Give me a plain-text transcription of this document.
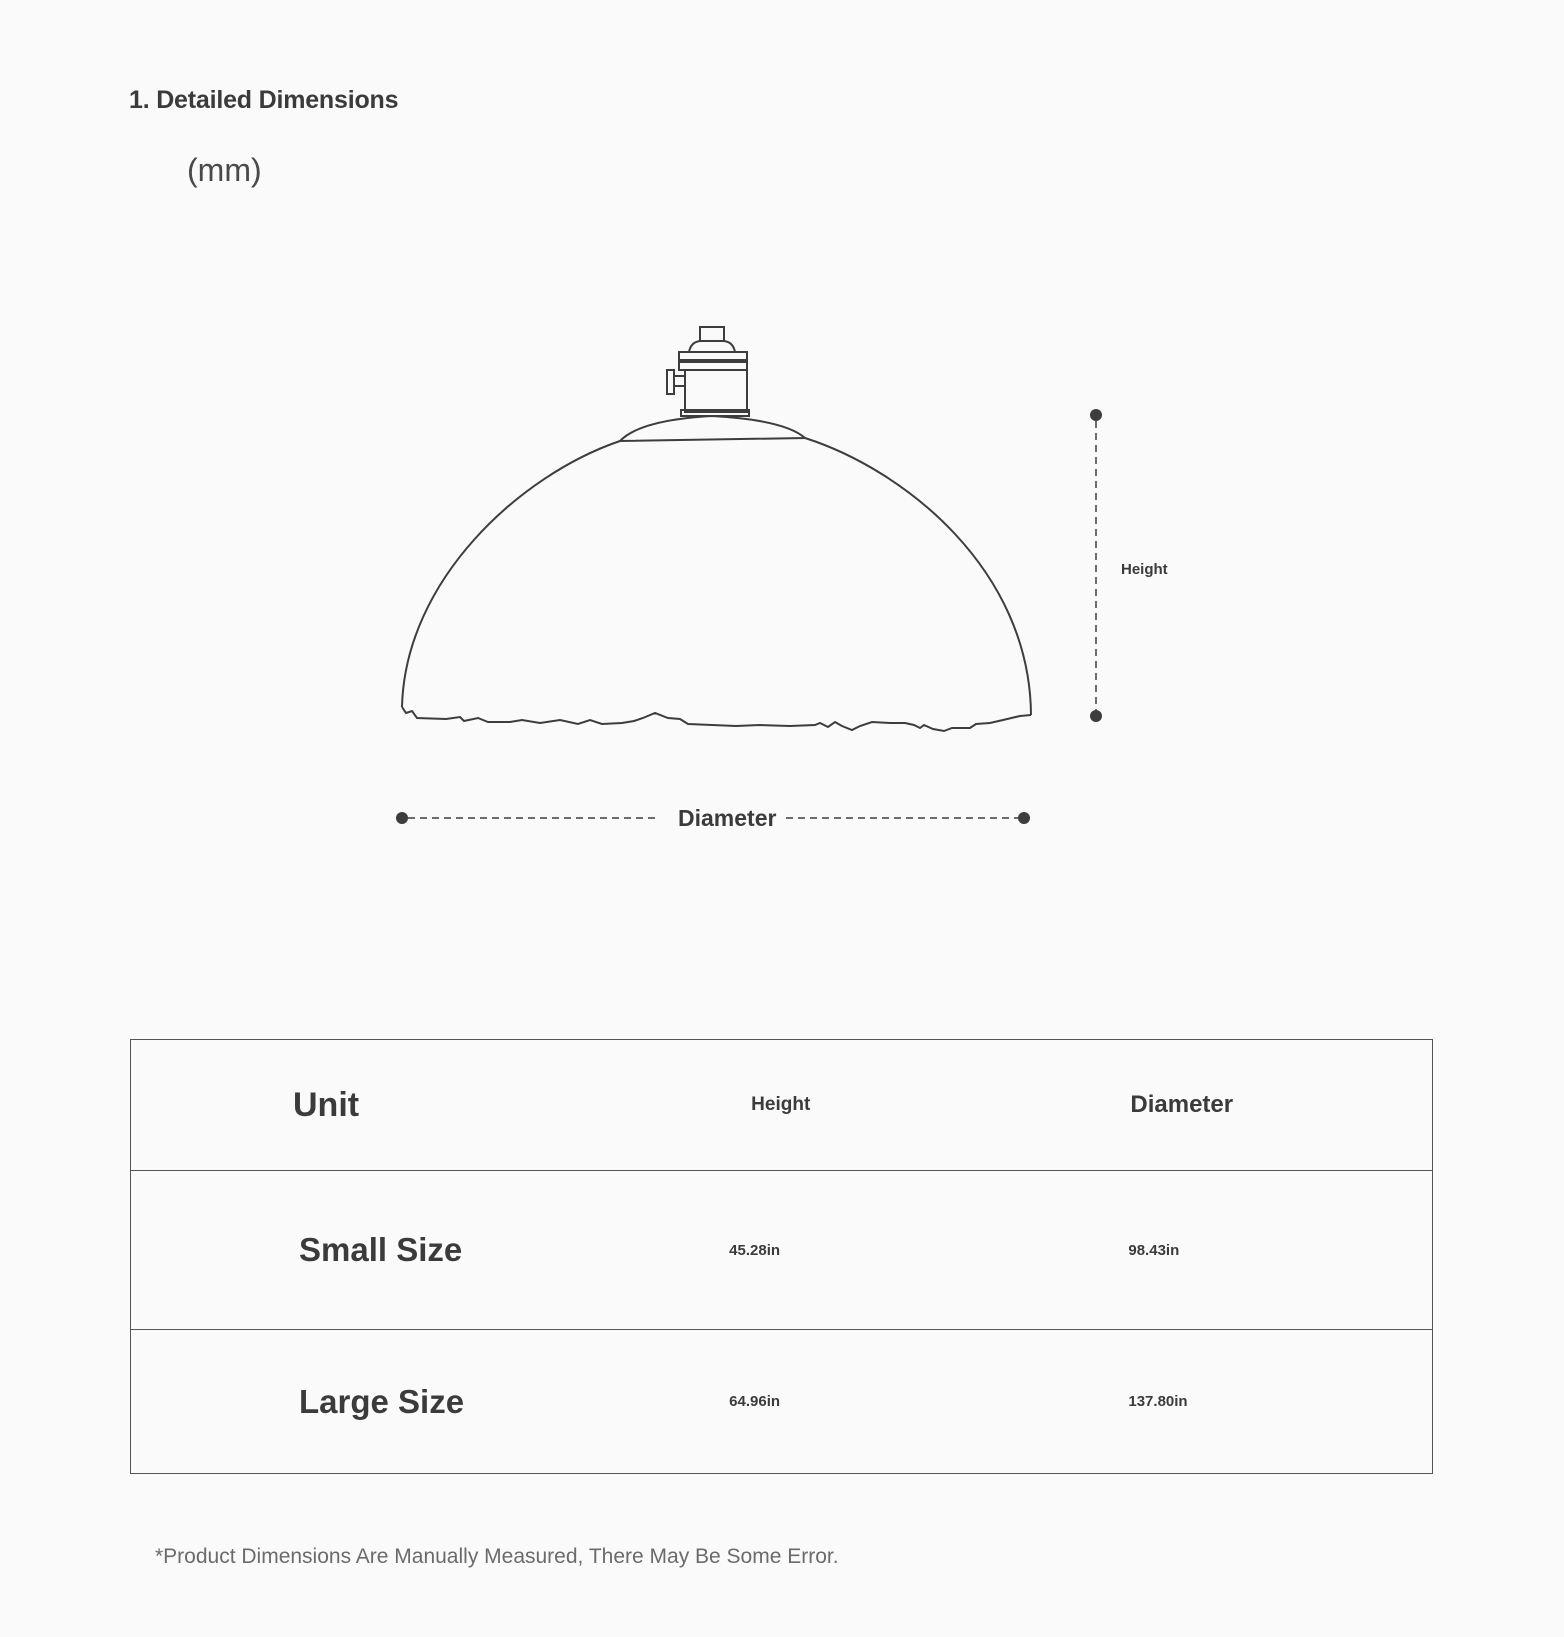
1. Detailed Dimensions
(mm)
Height
Diameter
Unit	Height	Diameter
Small Size	45.28in	98.43in
Large Size	64.96in	137.80in

*Product Dimensions Are Manually Measured, There May Be Some Error.
